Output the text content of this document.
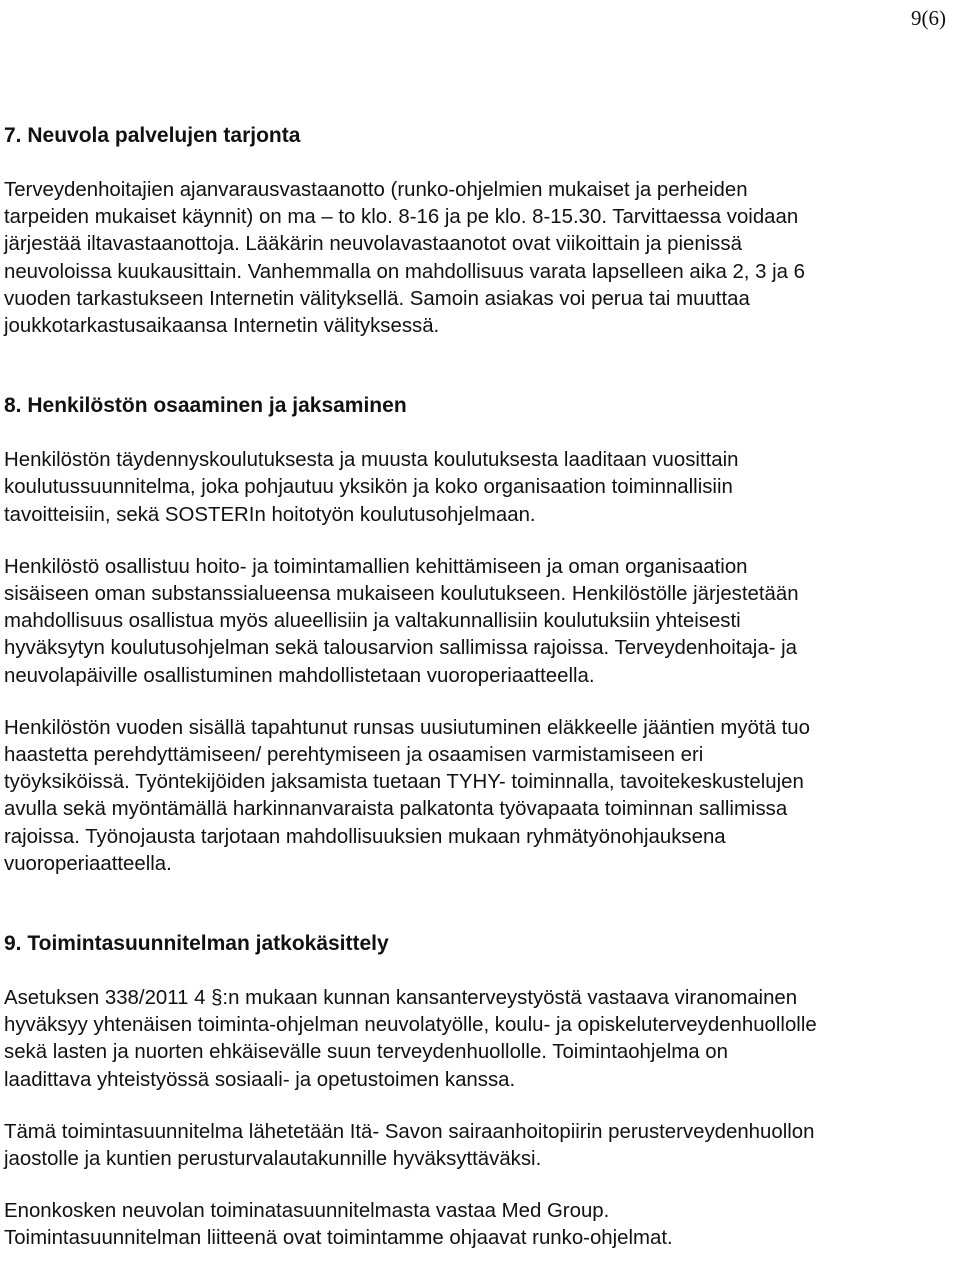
9(6)
7. Neuvola palvelujen tarjonta

Terveydenhoitajien ajanvarausvastaanotto (runko-ohjelmien mukaiset ja perheiden
tarpeiden mukaiset käynnit) on ma – to klo. 8-16 ja pe klo. 8-15.30. Tarvittaessa voidaan
järjestää iltavastaanottoja. Lääkärin neuvolavastaanotot ovat viikoittain ja pienissä
neuvoloissa kuukausittain. Vanhemmalla on mahdollisuus varata lapselleen aika 2, 3 ja 6
vuoden tarkastukseen Internetin välityksellä. Samoin asiakas voi perua tai muuttaa
joukkotarkastusaikaansa Internetin välityksessä.

8. Henkilöstön osaaminen ja jaksaminen

Henkilöstön täydennyskoulutuksesta ja muusta koulutuksesta laaditaan vuosittain
koulutussuunnitelma, joka pohjautuu yksikön ja koko organisaation toiminnallisiin
tavoitteisiin, sekä SOSTERIn hoitotyön koulutusohjelmaan.

Henkilöstö osallistuu hoito- ja toimintamallien kehittämiseen ja oman organisaation
sisäiseen oman substanssialueensa mukaiseen koulutukseen. Henkilöstölle järjestetään
mahdollisuus osallistua myös alueellisiin ja valtakunnallisiin koulutuksiin yhteisesti
hyväksytyn koulutusohjelman sekä talousarvion sallimissa rajoissa. Terveydenhoitaja- ja
neuvolapäiville osallistuminen mahdollistetaan vuoroperiaatteella.

Henkilöstön vuoden sisällä tapahtunut runsas uusiutuminen eläkkeelle jääntien myötä tuo
haastetta perehdyttämiseen/ perehtymiseen ja osaamisen varmistamiseen eri
työyksiköissä. Työntekijöiden jaksamista tuetaan TYHY- toiminnalla, tavoitekeskustelujen
avulla sekä myöntämällä harkinnanvaraista palkatonta työvapaata toiminnan sallimissa
rajoissa. Työnojausta tarjotaan mahdollisuuksien mukaan ryhmätyönohjauksena
vuoroperiaatteella.

9. Toimintasuunnitelman jatkokäsittely

Asetuksen 338/2011 4 §:n mukaan kunnan kansanterveystyöstä vastaava viranomainen
hyväksyy yhtenäisen toiminta-ohjelman neuvolatyölle, koulu- ja opiskeluterveydenhuollolle
sekä lasten ja nuorten ehkäisevälle suun terveydenhuollolle. Toimintaohjelma on
laadittava yhteistyössä sosiaali- ja opetustoimen kanssa.

Tämä toimintasuunnitelma lähetetään Itä- Savon sairaanhoitopiirin perusterveydenhuollon
jaostolle ja kuntien perusturvalautakunnille hyväksyttäväksi.

Enonkosken neuvolan toiminatasuunnitelmasta vastaa Med Group.
Toimintasuunnitelman liitteenä ovat toimintamme ohjaavat runko-ohjelmat.
